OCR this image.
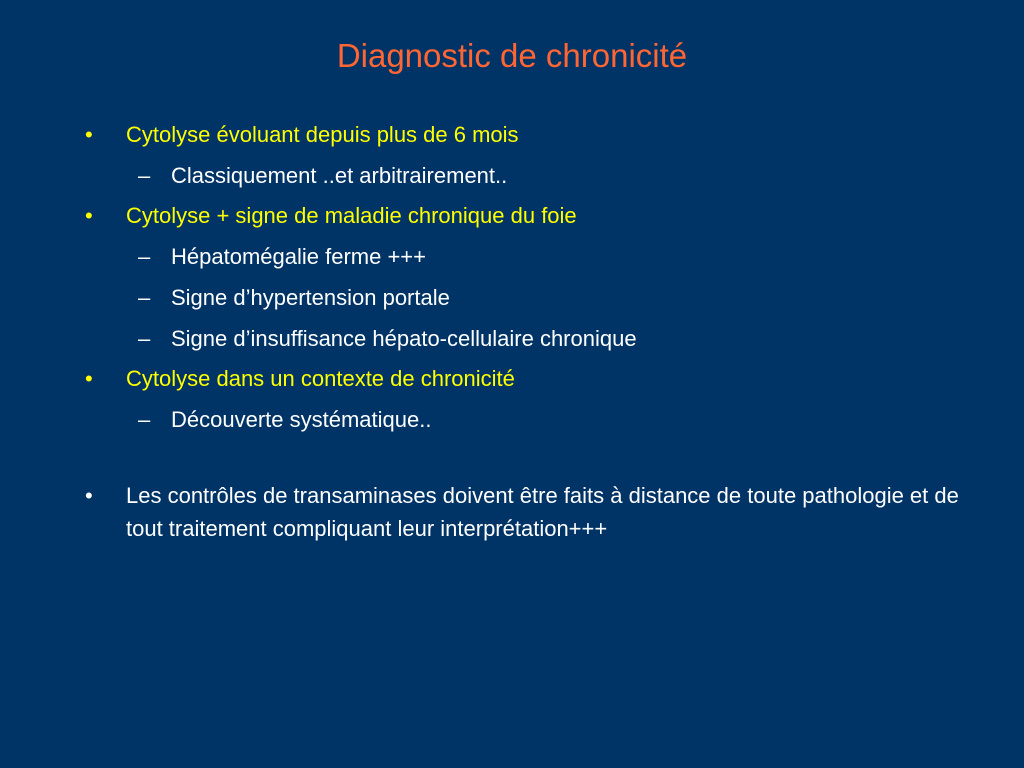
Diagnostic de chronicité
•	Cytolyse évoluant depuis plus de 6 mois
– Classiquement ..et arbitrairement..
•	Cytolyse + signe de maladie chronique du foie
– Hépatomégalie ferme +++
– Signe d’hypertension portale
– Signe d’insuffisance hépato-cellulaire chronique
•	Cytolyse dans un contexte de chronicité
– Découverte systématique..
•	Les contrôles de transaminases doivent être faits à distance de toute pathologie et de tout traitement compliquant leur interprétation+++
